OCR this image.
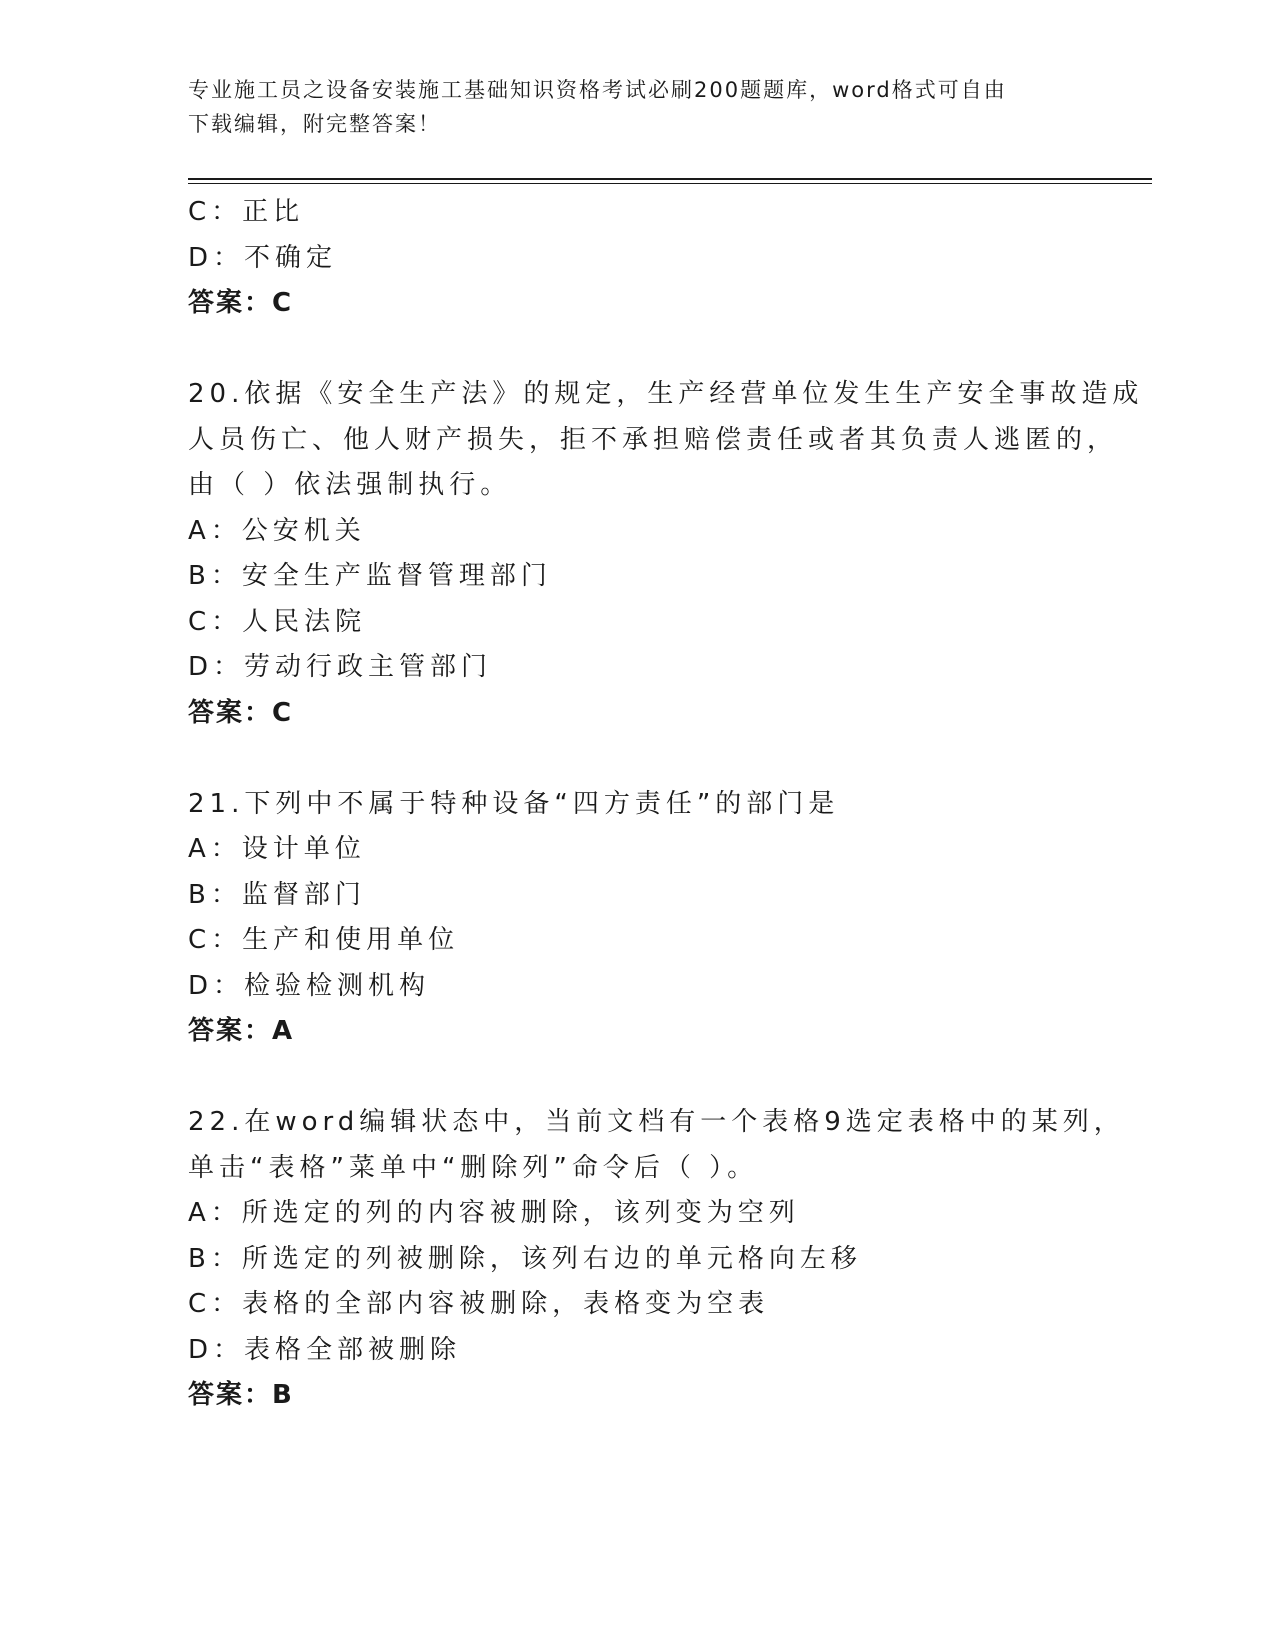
专业施工员之设备安装施工基础知识资格考试必刷200题题库，word格式可自由
下载编辑，附完整答案！
C：正比
D：不确定
答案：C
20.依据《安全生产法》的规定，生产经营单位发生生产安全事故造成
人员伤亡、他人财产损失，拒不承担赔偿责任或者其负责人逃匿的，
由（ ）依法强制执行。
A：公安机关
B：安全生产监督管理部门
C：人民法院
D：劳动行政主管部门
答案：C
21.下列中不属于特种设备“四方责任”的部门是
A：设计单位
B：监督部门
C：生产和使用单位
D：检验检测机构
答案：A
22.在word编辑状态中，当前文档有一个表格9选定表格中的某列，
单击“表格”菜单中“删除列”命令后（ ）。
A：所选定的列的内容被删除，该列变为空列
B：所选定的列被删除，该列右边的单元格向左移
C：表格的全部内容被删除，表格变为空表
D：表格全部被删除
答案：B
